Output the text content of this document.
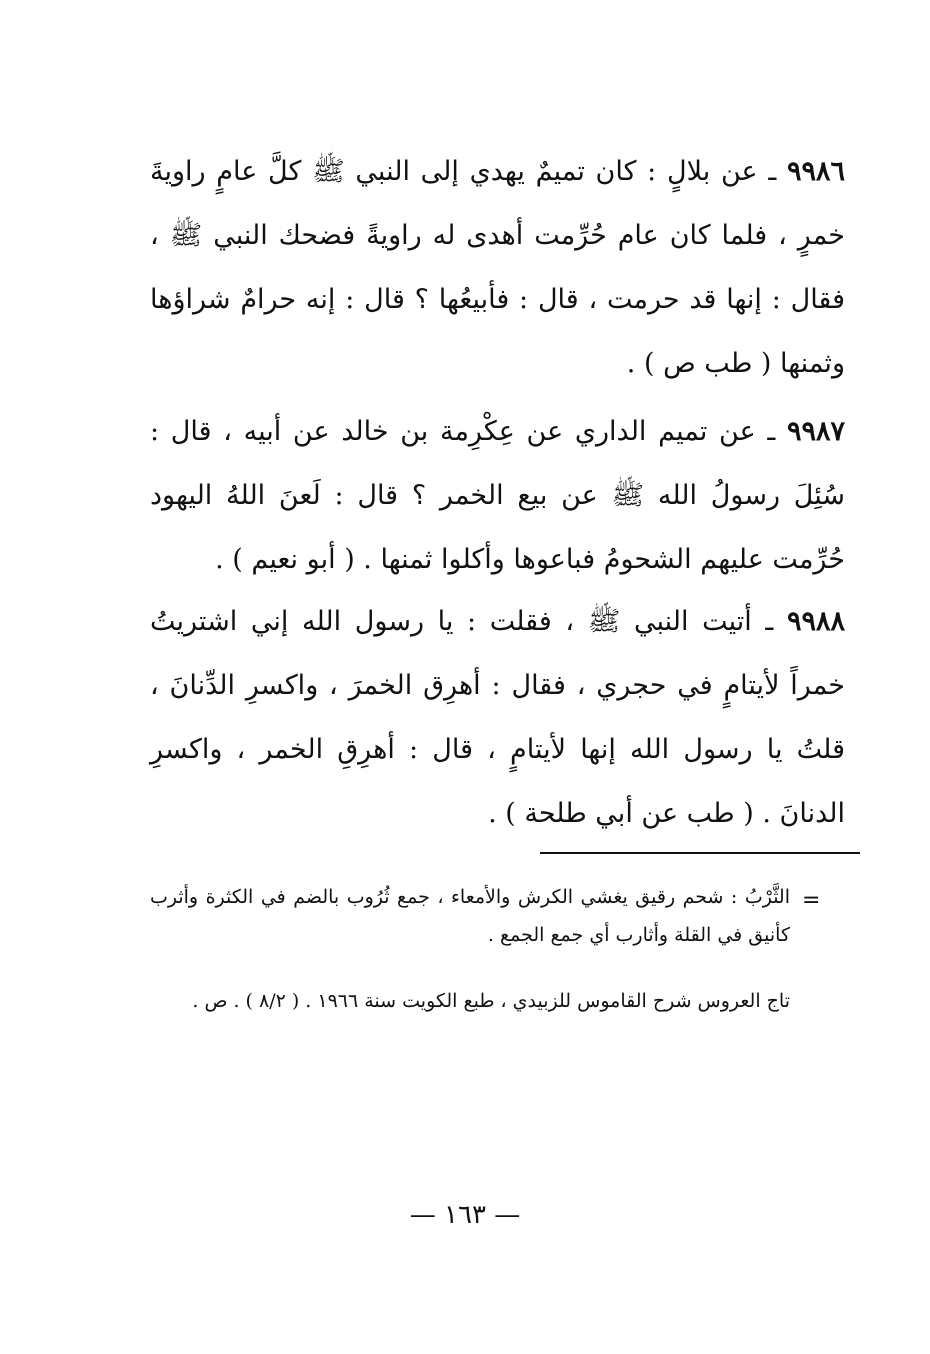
٩٩٨٦ ـ عن بلالٍ : كان تميمٌ يهدي إلى النبي ﷺ كلَّ عامٍ راويةَ خمرٍ ، فلما كان عام حُرِّمت أهدى له راويةً فضحك النبي ﷺ ، فقال : إنها قد حرمت ، قال : فأبيعُها ؟ قال : إنه حرامٌ شراؤها وثمنها ( طب ص ) .
٩٩٨٧ ـ عن تميم الداري عن عِكْرِمة بن خالد عن أبيه ، قال : سُئِلَ رسولُ الله ﷺ عن بيع الخمر ؟ قال : لَعنَ اللهُ اليهود حُرِّمت عليهم الشحومُ فباعوها وأكلوا ثمنها . ( أبو نعيم ) .
٩٩٨٨ ـ أتيت النبي ﷺ ، فقلت : يا رسول الله إني اشتريتُ خمراً لأيتامٍ في حجري ، فقال : أهرِق الخمرَ ، واكسرِ الدِّنانَ ، قلتُ يا رسول الله إنها لأيتامٍ ، قال : أهرِقِ الخمر ، واكسرِ الدنانَ . ( طب عن أبي طلحة ) .
=
الثَّرْبُ : شحم رقيق يغشي الكرش والأمعاء ، جمع ثُرُوب بالضم في الكثرة وأثرب كأنيق في القلة وأثارب أي جمع الجمع .
تاج العروس شرح القاموس للزبيدي ، طبع الكويت سنة ١٩٦٦ . ( ٨/٢ ) . ص .
— ١٦٣ —
